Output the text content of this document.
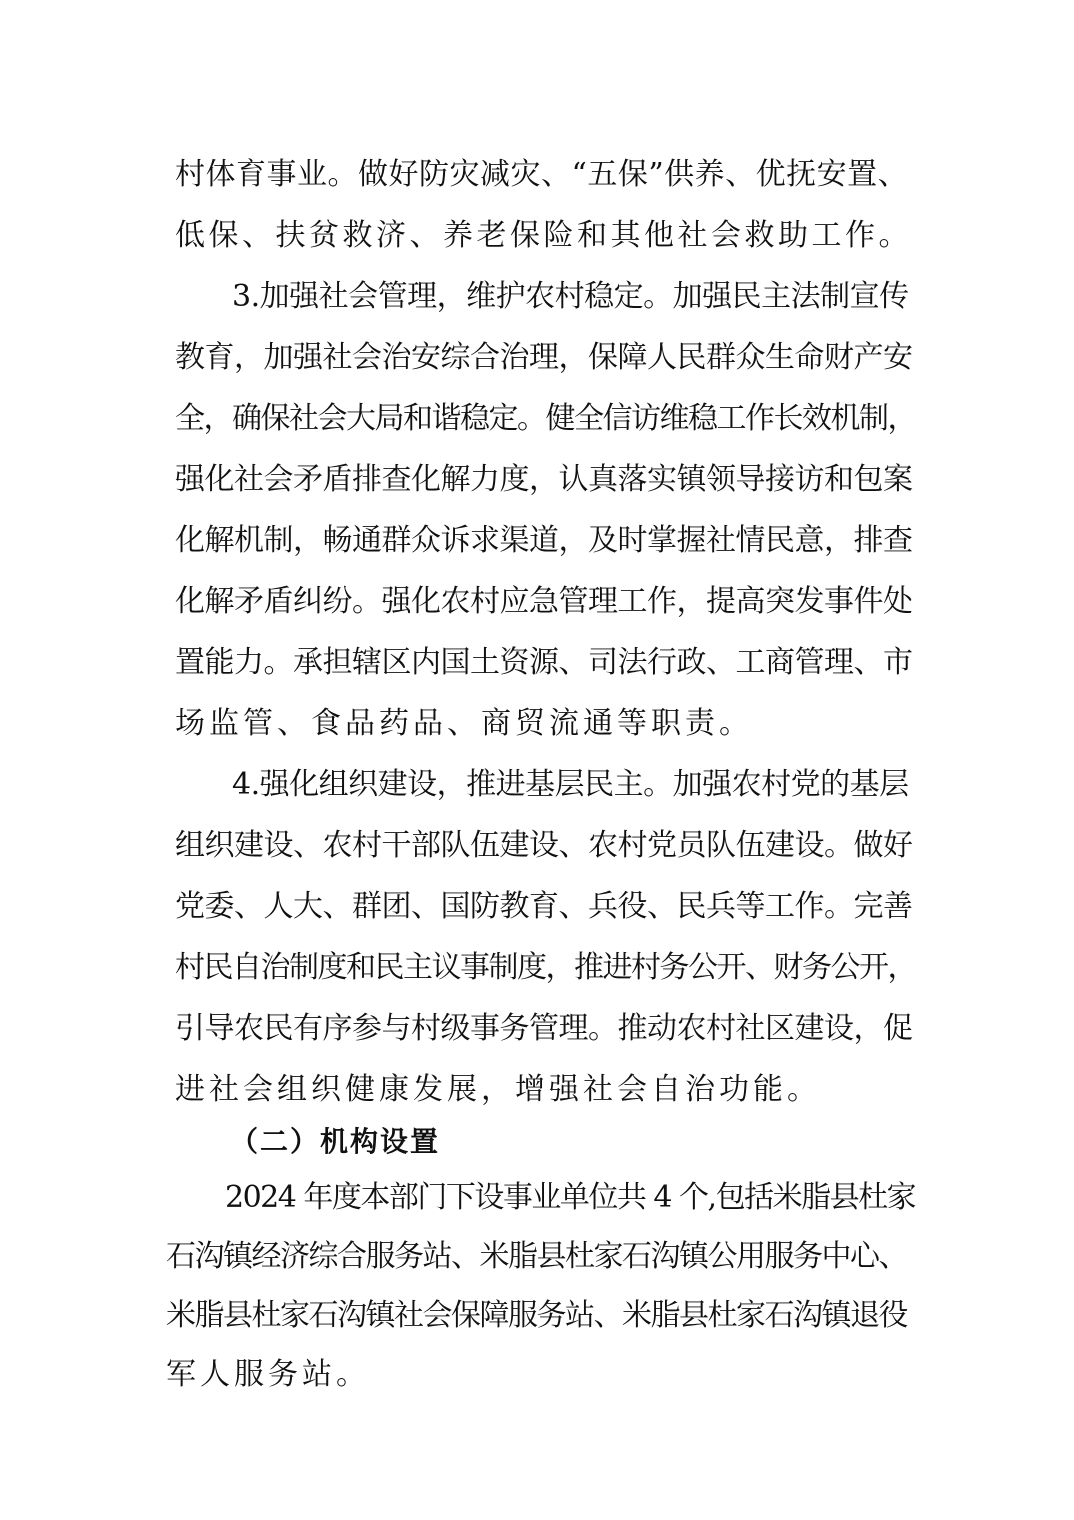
村体育事业。做好防灾减灾、“五保”供养、优抚安置、
低保、扶贫救济、养老保险和其他社会救助工作。
3.加强社会管理，维护农村稳定。加强民主法制宣传
教育，加强社会治安综合治理，保障人民群众生命财产安
全，确保社会大局和谐稳定。健全信访维稳工作长效机制，
强化社会矛盾排查化解力度，认真落实镇领导接访和包案
化解机制，畅通群众诉求渠道，及时掌握社情民意，排查
化解矛盾纠纷。强化农村应急管理工作，提高突发事件处
置能力。承担辖区内国土资源、司法行政、工商管理、市
场监管、食品药品、商贸流通等职责。
4.强化组织建设，推进基层民主。加强农村党的基层
组织建设、农村干部队伍建设、农村党员队伍建设。做好
党委、人大、群团、国防教育、兵役、民兵等工作。完善
村民自治制度和民主议事制度，推进村务公开、财务公开，
引导农民有序参与村级事务管理。推动农村社区建设，促
进社会组织健康发展，增强社会自治功能。
（二）机构设置
2024 年度本部门下设事业单位共 4 个,包括米脂县杜家
石沟镇经济综合服务站、米脂县杜家石沟镇公用服务中心、
米脂县杜家石沟镇社会保障服务站、米脂县杜家石沟镇退役
军人服务站。
